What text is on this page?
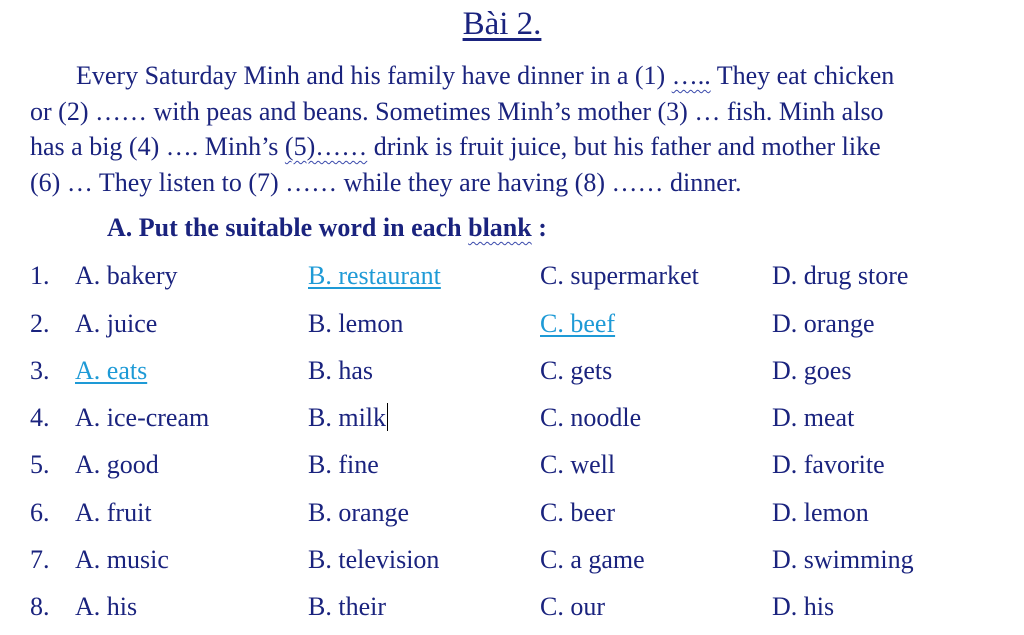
Bài 2.
Every Saturday Minh and his family have dinner in a (1) ….. They eat chicken
or (2) …… with peas and beans. Sometimes Minh’s mother (3) … fish. Minh also
has a big (4) …. Minh’s (5)…… drink is fruit juice, but his father and mother like
(6) … They listen to (7) …… while they are having (8) …… dinner.
A. Put the suitable word in each blank :
1. A. bakery	B. restaurant	C. supermarket	D. drug store
2. A. juice	B. lemon	C. beef	D. orange
3. A. eats	B. has	C. gets	D. goes
4. A. ice-cream	B. milk	C. noodle	D. meat
5. A. good	B. fine	C. well	D. favorite
6. A. fruit	B. orange	C. beer	D. lemon
7. A. music	B. television	C. a game	D. swimming
8. A. his	B. their	C. our	D. his
